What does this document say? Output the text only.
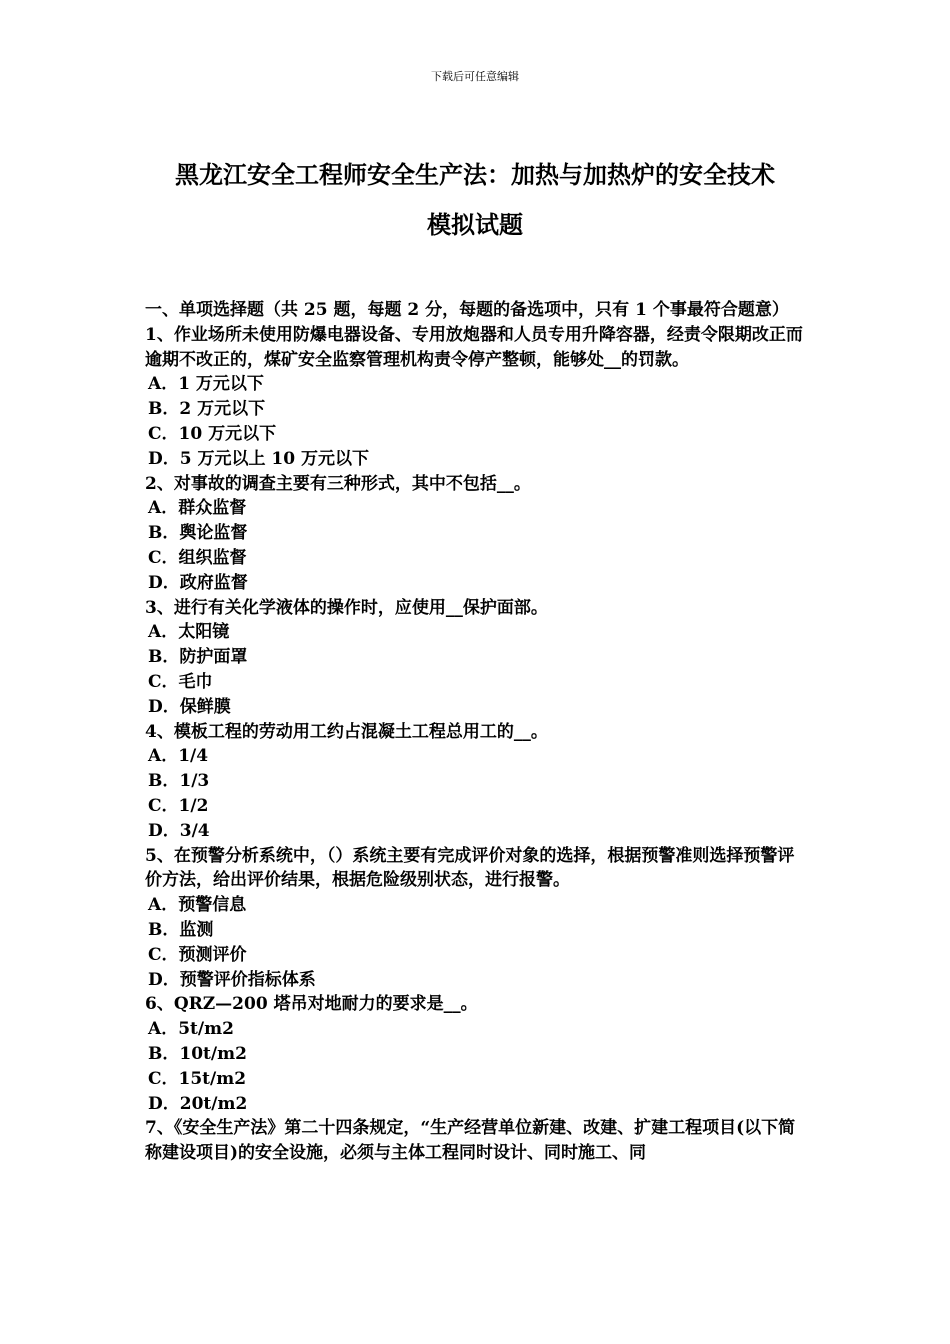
下载后可任意编辑
黑龙江安全工程师安全生产法：加热与加热炉的安全技术
模拟试题

一、单项选择题（共 25 题，每题 2 分，每题的备选项中，只有 1 个事最符合题意）

1、作业场所未使用防爆电器设备、专用放炮器和人员专用升降容器，经责令限期改正而逾期不改正的，煤矿安全监察管理机构责令停产整顿，能够处__的罚款。

A．1 万元以下

B．2 万元以下

C．10 万元以下

D．5 万元以上 10 万元以下

2、对事故的调查主要有三种形式，其中不包括__。

A．群众监督

B．舆论监督

C．组织监督

D．政府监督

3、进行有关化学液体的操作时，应使用__保护面部。

A．太阳镜

B．防护面罩

C．毛巾

D．保鲜膜

4、模板工程的劳动用工约占混凝土工程总用工的__。

A．1/4

B．1/3

C．1/2

D．3/4

5、在预警分析系统中，（）系统主要有完成评价对象的选择，根据预警准则选择预警评价方法，给出评价结果，根据危险级别状态，进行报警。

A．预警信息

B．监测

C．预测评价

D．预警评价指标体系

6、QRZ—200 塔吊对地耐力的要求是__。

A．5t/m2

B．10t/m2

C．15t/m2

D．20t/m2

7、《安全生产法》第二十四条规定，“生产经营单位新建、改建、扩建工程项目(以下简称建设项目)的安全设施，必须与主体工程同时设计、同时施工、同
